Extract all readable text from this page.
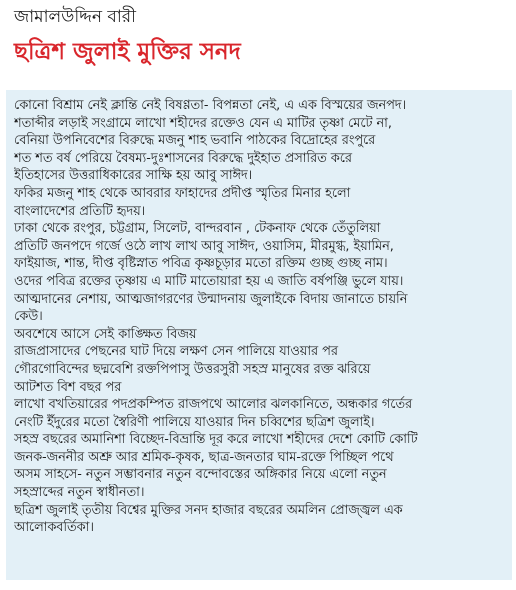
জামালউদ্দিন বারী
ছত্রিশ জুলাই মুক্তির সনদ
কোনো বিশ্রাম নেই ক্লান্তি নেই বিষণ্ণতা- বিপন্নতা নেই, এ এক বিস্ময়ের জনপদ।
শতাব্দীর লড়াই সংগ্রামে লাখো শহীদের রক্তেও যেন এ মাটির তৃষ্ণা মেটে না,
বেনিয়া উপনিবেশের বিরুদ্ধে মজনু শাহ ভবানি পাঠকের বিদ্রোহের রংপুরে
শত শত বর্ষ পেরিয়ে বৈষম্য-দুঃশাসনের বিরুদ্ধে দুইহাত প্রসারিত করে
ইতিহাসের উত্তরাধিকারের সাক্ষি হয় আবু সাঈদ।
ফকির মজনু শাহ থেকে আবরার ফাহাদের প্রদীপ্ত স্মৃতির মিনার হলো
বাংলাদেশের প্রতিটি হৃদয়।
ঢাকা থেকে রংপুর, চট্টগ্রাম, সিলেট, বান্দরবান , টেকনাফ থেকে তেঁতুলিয়া
প্রতিটি জনপদে গর্জে ওঠে লাখ লাখ আবু সাঈদ, ওয়াসিম, মীরমুগ্ধ, ইয়ামিন,
ফাইয়াজ, শান্ত, দীপ্ত বৃষ্টিস্নাত পবিত্র কৃষ্ণচূড়ার মতো রক্তিম গুচ্ছ গুচ্ছ নাম।
ওদের পবিত্র রক্তের তৃষ্ণায় এ মাটি মাতোয়ারা হয় এ জাতি বর্ষপঞ্জি ভুলে যায়।
আত্মদানের নেশায়, আত্মজাগরণের উন্মাদনায় জুলাইকে বিদায় জানাতে চায়নি
কেউ।
অবশেষে আসে সেই কাঙ্ক্ষিত বিজয়
রাজপ্রাসাদের পেছনের ঘাট দিয়ে লক্ষণ সেন পালিয়ে যাওয়ার পর
গৌরগোবিন্দের ছদ্মবেশি রক্তপিপাসু উত্তরসুরী সহস্র মানুষের রক্ত ঝরিয়ে
আটশত বিশ বছর পর
লাখো বখতিয়ারের পদপ্রকম্পিত রাজপথে আলোর ঝলকানিতে, অন্ধকার গর্তের
নেংটি ইঁদুরের মতো স্বৈরিণী পালিয়ে যাওয়ার দিন চব্বিশের ছত্রিশ জুলাই।
সহস্র বছরের অমানিশা বিচ্ছেদ-বিভ্রান্তি দূর করে লাখো শহীদের দেশে কোটি কোটি
জনক-জননীর অশ্রু আর শ্রমিক-কৃষক, ছাত্র-জনতার ঘাম-রক্তে পিচ্ছিল পথে
অসম সাহসে- নতুন সম্ভাবনার নতুন বন্দোবস্তের অঙ্গিকার নিয়ে এলো নতুন
সহস্রাব্দের নতুন স্বাধীনতা।
ছত্রিশ জুলাই তৃতীয় বিশ্বের মুক্তির সনদ হাজার বছরের অমলিন প্রোজ্জ্বল এক
আলোকবর্তিকা।
